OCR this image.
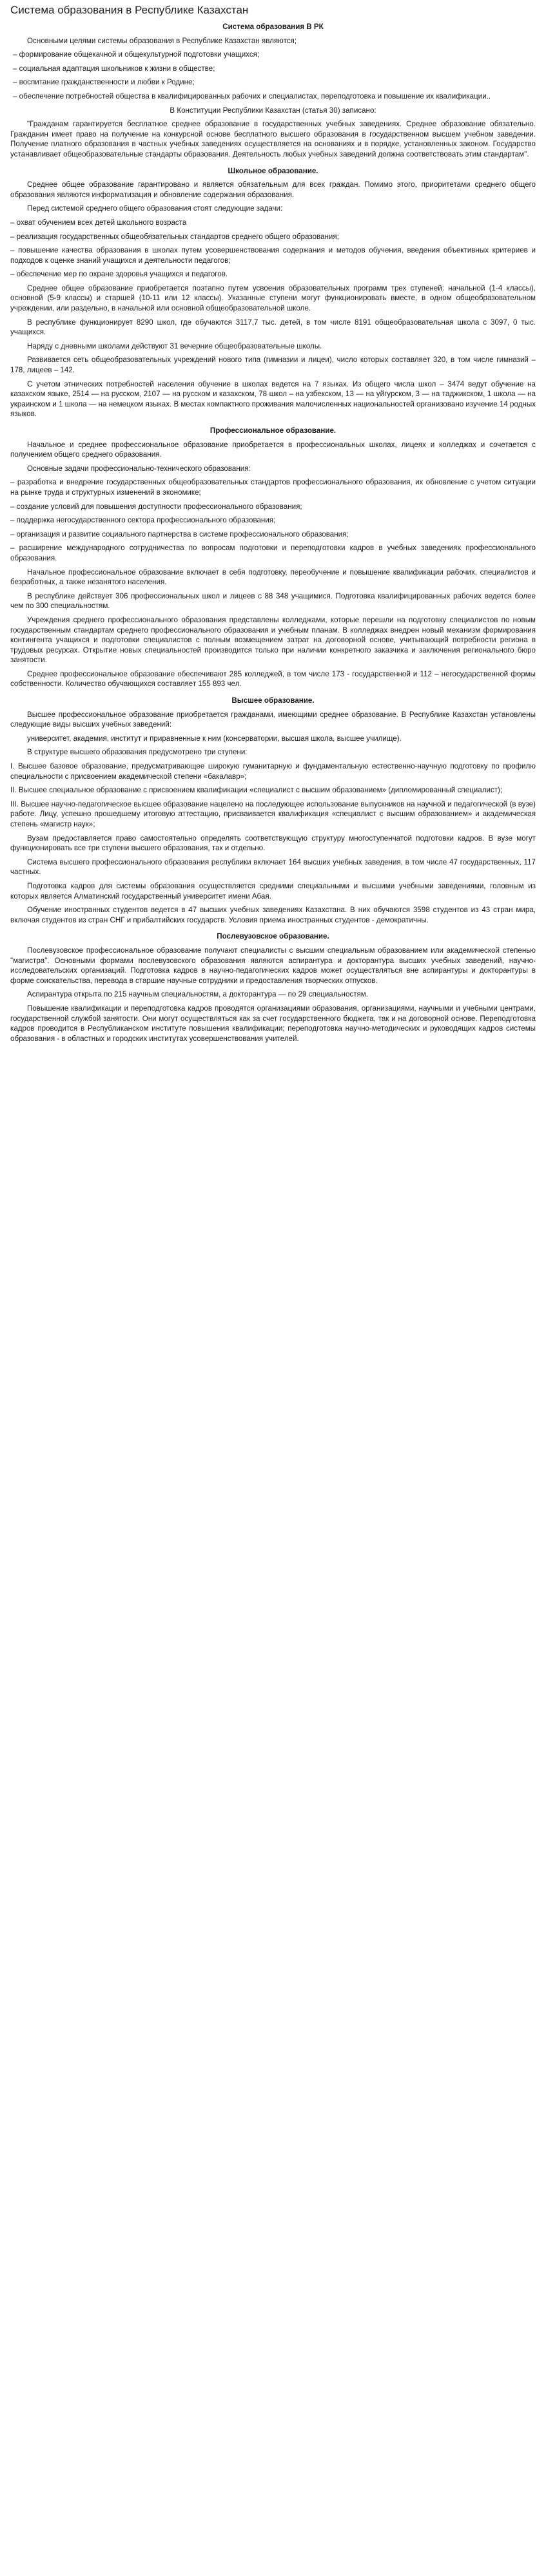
Система образования в Республике Казахстан
Система образования В РК

Основными целями системы образования в Республике Казахстан являются;

– формирование общекачной и общекультурной подготовки учащихся;

– социальная адаптация школьников к жизни в обществе;

– воспитание гражданственности и любви к Родине;

– обеспечение потребностей общества в квалифицированных рабочих и специалистах, переподготовка и повышение их квалификации..

В Конституции Республики Казахстан (статья 30) записано:

"Гражданам гарантируется бесплатное среднее образование в государственных учебных заведениях. Среднее образование обязательно. Гражданин имеет право на получение на конкурсной основе бесплатного высшего образования в государственном высшем учебном заведении. Получение платного образования в частных учебных заведениях осуществляется на основаниях и в порядке, установленных законом. Государство устанавливает общеобразовательные стандарты образования. Деятельность любых учебных заведений должна соответствовать этим стандартам".

Школьное образование.

Среднее общее образование гарантировано и является обязательным для всех граждан. Помимо этого, приоритетами среднего общего образования являются информатизация и обновление содержания образования.

Перед системой среднего общего образования стоят следующие задачи:

– охват обучением всех детей школьного возраста

– реализация государственных общеобязательных стандартов среднего общего образования;

– повышение качества образования в школах путем усовершенствования содержания и методов обучения, введения объективных критериев и подходов к оценке знаний учащихся и деятельности педагогов;

– обеспечение мер по охране здоровья учащихся и педагогов.

Среднее общее образование приобретается поэтапно путем усвоения образовательных программ трех ступеней: начальной (1-4 классы), основной (5-9 классы) и старшей (10-11 или 12 классы). Указанные ступени могут функционировать вместе, в одном общеобразовательном учреждении, или раздельно, в начальной или основной общеобразовательной школе.

В республике функционирует 8290 школ, где обучаются 3117,7 тыс. детей, в том числе 8191 общеобразовательная школа с 3097, 0 тыс. учащихся.

Наряду с дневными школами действуют 31 вечерние общеобразовательные школы.

Развивается сеть общеобразовательных учреждений нового типа (гимназии и лицеи), число которых составляет 320, в том числе гимназий – 178, лицеев – 142.

С учетом этнических потребностей населения обучение в школах ведется на 7 языках. Из общего числа школ – 3474 ведут обучение на казахском языке, 2514 — на русском, 2107 — на русском и казахском, 78 школ – на узбекском, 13 — на уйгурском, 3 — на таджикском, 1 школа — на украинском и 1 школа — на немецком языках. В местах компактного проживания малочисленных национальностей организовано изучение 14 родных языков.

Профессиональное образование.

Начальное и среднее профессиональное образование приобретается в профессиональных школах, лицеях и колледжах и сочетается с получением общего среднего образования.

Основные задачи профессионально-технического образования:

– разработка и внедрение государственных общеобразовательных стандартов профессионального образования, их обновление с учетом ситуации на рынке труда и структурных изменений в экономике;

– создание условий для повышения доступности профессионального образования;

– поддержка негосударственного сектора профессионального образования;

– организация и развитие социального партнерства в системе профессионального образования;

– расширение международного сотрудничества по вопросам подготовки и переподготовки кадров в учебных заведениях профессионального образования.

Начальное профессиональное образование включает в себя подготовку, переобучение и повышение квалификации рабочих, специалистов и безработных, а также незанятого населения.

В республике действует 306 профессиональных школ и лицеев с 88 348 учащимися. Подготовка квалифицированных рабочих ведется более чем по 300 специальностям.

Учреждения среднего профессионального образования представлены колледжами, которые перешли на подготовку специалистов по новым государственным стандартам среднего профессионального образования и учебным планам. В колледжах внедрен новый механизм формирования контингента учащихся и подготовки специалистов с полным возмещением затрат на договорной основе, учитывающий потребности региона в трудовых ресурсах. Открытие новых специальностей производится только при наличии конкретного заказчика и заключения регионального бюро занятости.

Среднее профессиональное образование обеспечивают 285 колледжей, в том числе 173 - государственной и 112 – негосударственной формы собственности. Количество обучающихся составляет 155 893 чел.

Высшее образование.

Высшее профессиональное образование приобретается гражданами, имеющими среднее образование. В Республике Казахстан установлены следующие виды высших учебных заведений:

университет, академия, институт и приравненные к ним (консерватории, высшая школа, высшее училище).

В структуре высшего образования предусмотрено три ступени:

I. Высшее базовое образование, предусматривающее широкую гуманитарную и фундаментальную естественно-научную подготовку по профилю специальности с присвоением академической степени «бакалавр»;

II. Высшее специальное образование с присвоением квалификации «специалист с высшим образованием» (дипломированный специалист);

III. Высшее научно-педагогическое высшее образование нацелено на последующее использование выпускников на научной и педагогической (в вузе) работе. Лицу, успешно прошедшему итоговую аттестацию, присваивается квалификация «специалист с высшим образованием» и академическая степень «магистр наук»;

Вузам предоставляется право самостоятельно определять соответствующую структуру многоступенчатой подготовки кадров. В вузе могут функционировать все три ступени высшего образования, так и отдельно.

Система высшего профессионального образования республики включает 164 высших учебных заведения, в том числе 47 государственных, 117 частных.

Подготовка кадров для системы образования осуществляется средними специальными и высшими учебными заведениями, головным из которых является Алматинский государственный университет имени Абая.

Обучение иностранных студентов ведется в 47 высших учебных заведениях Казахстана. В них обучаются 3598 студентов из 43 стран мира, включая студентов из стран СНГ и прибалтийских государств. Условия приема иностранных студентов - демократичны.

Послевузовское образование.

Послевузовское профессиональное образование получают специалисты с высшим специальным образованием или академической степенью "магистра". Основными формами послевузовского образования являются аспирантура и докторантура высших учебных заведений, научно-исследовательских организаций. Подготовка кадров в научно-педагогических кадров может осуществляться вне аспирантуры и докторантуры в форме соискательства, перевода в старшие научные сотрудники и предоставления творческих отпусков.

Аспирантура открыта по 215 научным специальностям, а докторантура — по 29 специальностям.

Повышение квалификации и переподготовка кадров проводятся организациями образования, организациями, научными и учебными центрами, государственной службой занятости. Они могут осуществляться как за счет государственного бюджета, так и на договорной основе. Переподготовка кадров проводится в Республиканском институте повышения квалификации; переподготовка научно-методических и руководящих кадров системы образования - в областных и городских институтах усовершенствования учителей.
